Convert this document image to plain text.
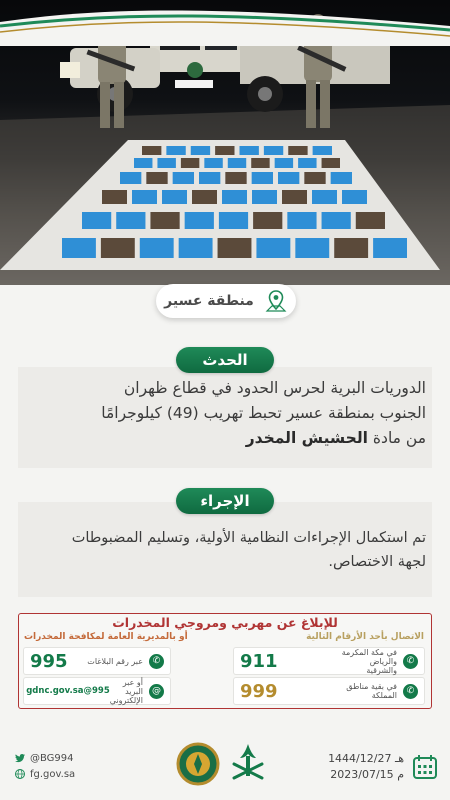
منطقة عسير
الحدث
الدوريات البرية لحرس الحدود في قطاع ظهران
الجنوب بمنطقة عسير تحبط تهريب (49) كيلوجرامًا
من مادة الحشيش المخدر
الإجراء
تم استكمال الإجراءات النظامية الأولية، وتسليم المضبوطات
لجهة الاختصاص.
للإبلاغ عن مهربي ومروجي المخدرات
الاتصال بأحد الأرقام التالية
أو بالمديرية العامة لمكافحة المخدرات
✆
في مكة المكرمة والرياض والشرقية
911
✆
في بقية مناطق المملكة
999
✆
عبر رقم البلاغات
995
@
أو عبر البريد الإلكتروني
995@gdnc.gov.sa
@BG994
fg.gov.sa
1444/12/27 هـ
2023/07/15 م
